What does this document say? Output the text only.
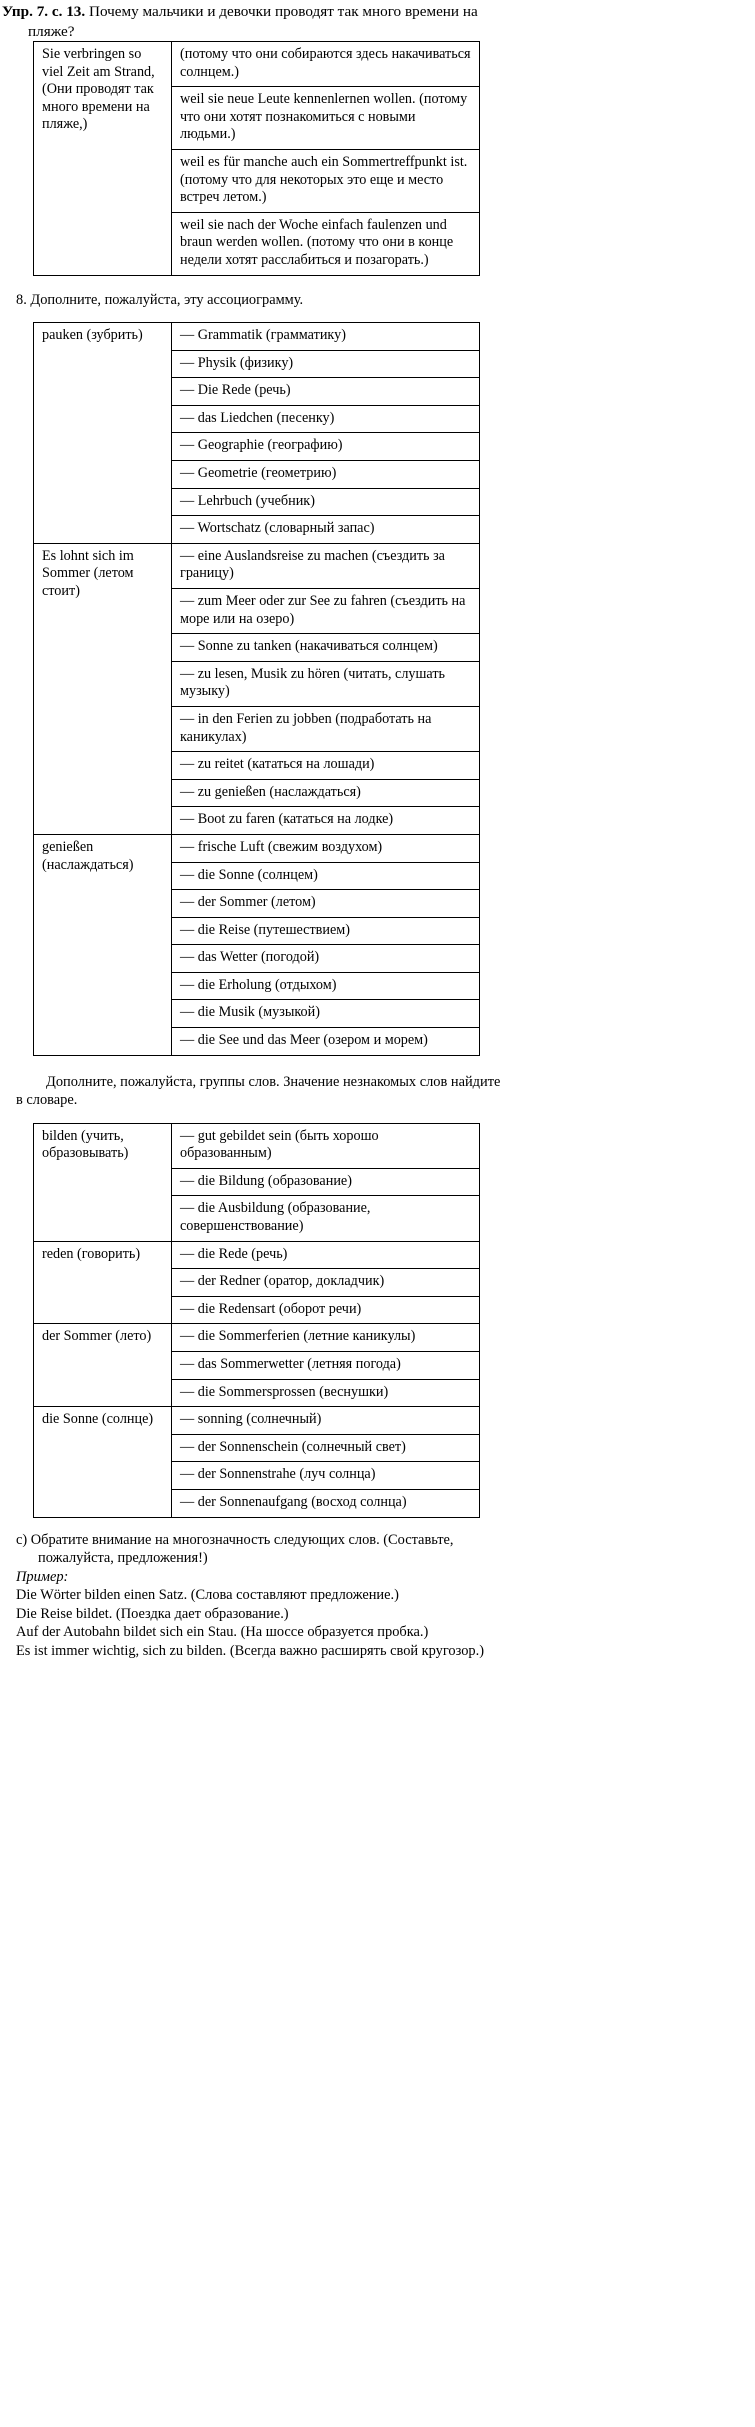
Упр. 7. с. 13. Почему мальчики и девочки проводят так много времени на
пляже?
Sie verbringen so viel Zeit am Strand, (Они проводят так много времени на пляже,)	(потому что они собираются здесь накачиваться солнцем.)
weil sie neue Leute kennenlernen wollen. (потому что они хотят познакомиться с новыми людьми.)
weil es für manche auch ein Sommertreffpunkt ist. (потому что для некоторых это еще и место встреч летом.)
weil sie nach der Woche einfach faulenzen und braun werden wollen. (потому что они в конце недели хотят расслабиться и позагорать.)

8. Дополните, пожалуйста, эту ассоциограмму.

pauken (зубрить)	— Grammatik (грамматику)
	— Physik (физику)
	— Die Rede (речь)
	— das Liedchen (песенку)
	— Geographie (географию)
	— Geometrie (геометрию)
	— Lehrbuch (учебник)
	— Wortschatz (словарный запас)
Es lohnt sich im Sommer (летом стоит)	— eine Auslandsreise zu machen (съездить за границу)
	— zum Meer oder zur See zu fahren (съездить на море или на озеро)
	— Sonne zu tanken (накачиваться солнцем)
	— zu lesen, Musik zu hören (читать, слушать музыку)
	— in den Ferien zu jobben (подработать на каникулах)
	— zu reitet (кататься на лошади)
	— zu genießen (наслаждаться)
	— Boot zu faren (кататься на лодке)
genießen (наслаждаться)	— frische Luft (свежим воздухом)
	— die Sonne (солнцем)
	— der Sommer (летом)
	— die Reise (путешествием)
	— das Wetter (погодой)
	— die Erholung (отдыхом)
	— die Musik (музыкой)
	— die See und das Meer (озером и морем)

Дополните, пожалуйста, группы слов. Значение незнакомых слов найдите в словаре.

bilden (учить, образовывать)	— gut gebildet sein (быть хорошо образованным)
	— die Bildung (образование)
	— die Ausbildung (образование, совершенствование)
reden (говорить)	— die Rede (речь)
	— der Redner (оратор, докладчик)
	— die Redensart (оборот речи)
der Sommer (лето)	— die Sommerferien (летние каникулы)
	— das Sommerwetter (летняя погода)
	— die Sommersprossen (веснушки)
die Sonne (солнце)	— sonning (солнечный)
	— der Sonnenschein (солнечный свет)
	— der Sonnenstrahe (луч солнца)
	— der Sonnenaufgang (восход солнца)
с) Обратите внимание на многозначность следующих слов. (Составьте,
пожалуйста, предложения!)
Пример:
Die Wörter bilden einen Satz. (Слова составляют предложение.)
Die Reise bildet. (Поездка дает образование.)
Auf der Autobahn bildet sich ein Stau. (На шоссе образуется пробка.)
Es ist immer wichtig, sich zu bilden. (Всегда важно расширять свой кругозор.)
